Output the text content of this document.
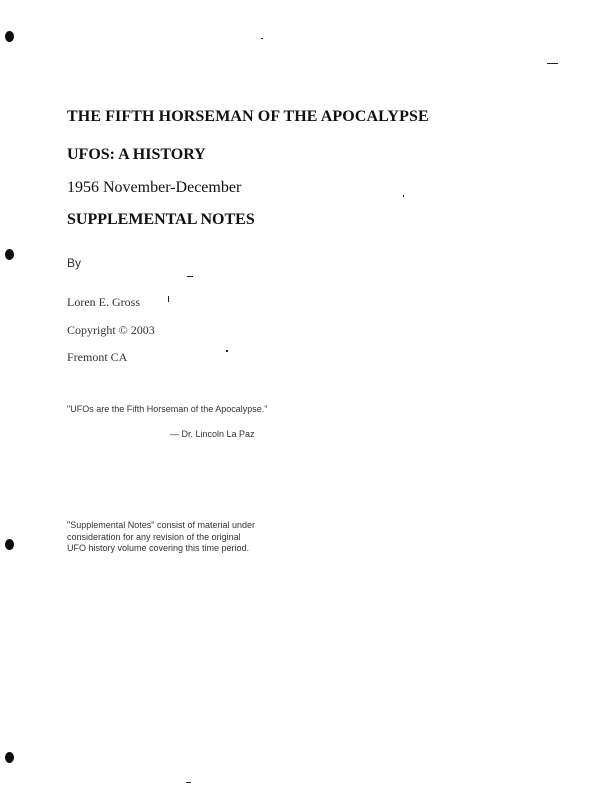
THE FIFTH HORSEMAN OF THE APOCALYPSE
UFOS: A HISTORY
1956 November-December
SUPPLEMENTAL NOTES
By
Loren E. Gross
Copyright © 2003
Fremont CA
"UFOs are the Fifth Horseman of the Apocalypse."
— Dr. Lincoln La Paz
"Supplemental Notes" consist of material under
consideration for any revision of the original
UFO history volume covering this time period.
